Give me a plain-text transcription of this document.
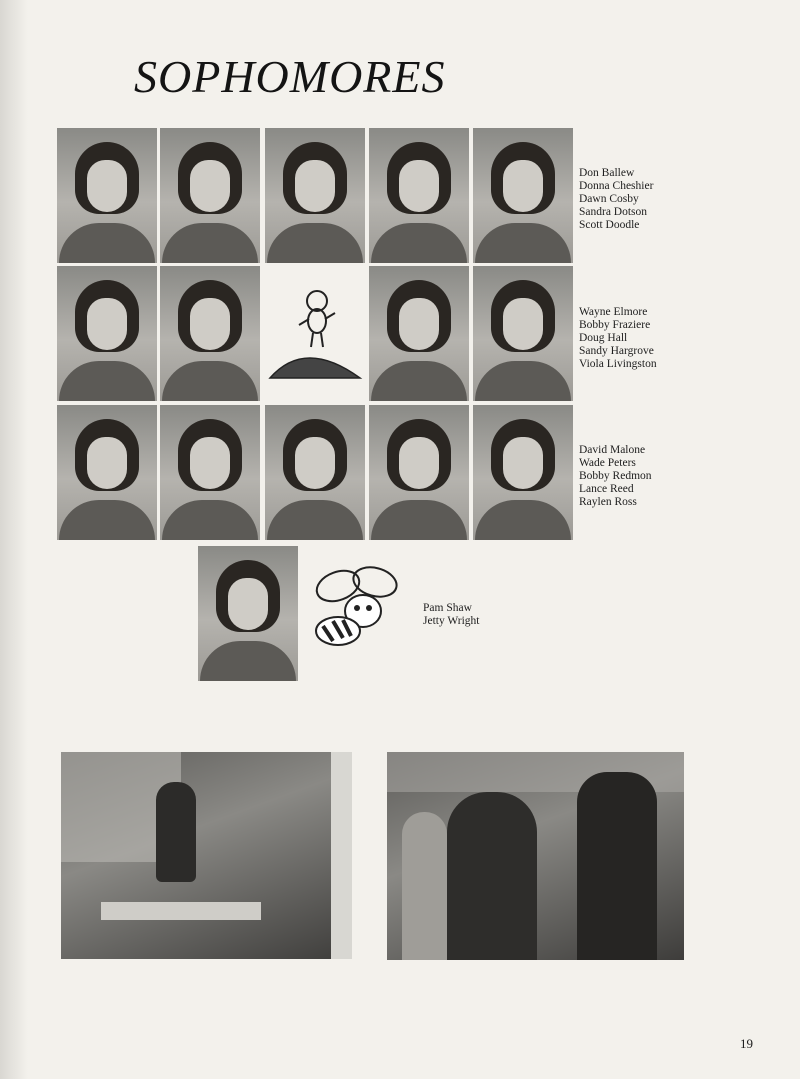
SOPHOMORES
Don Ballew
Donna Cheshier
Dawn Cosby
Sandra Dotson
Scott Doodle
Wayne Elmore
Bobby Fraziere
Doug Hall
Sandy Hargrove
Viola Livingston
David Malone
Wade Peters
Bobby Redmon
Lance Reed
Raylen Ross
Pam Shaw
Jetty Wright
19
